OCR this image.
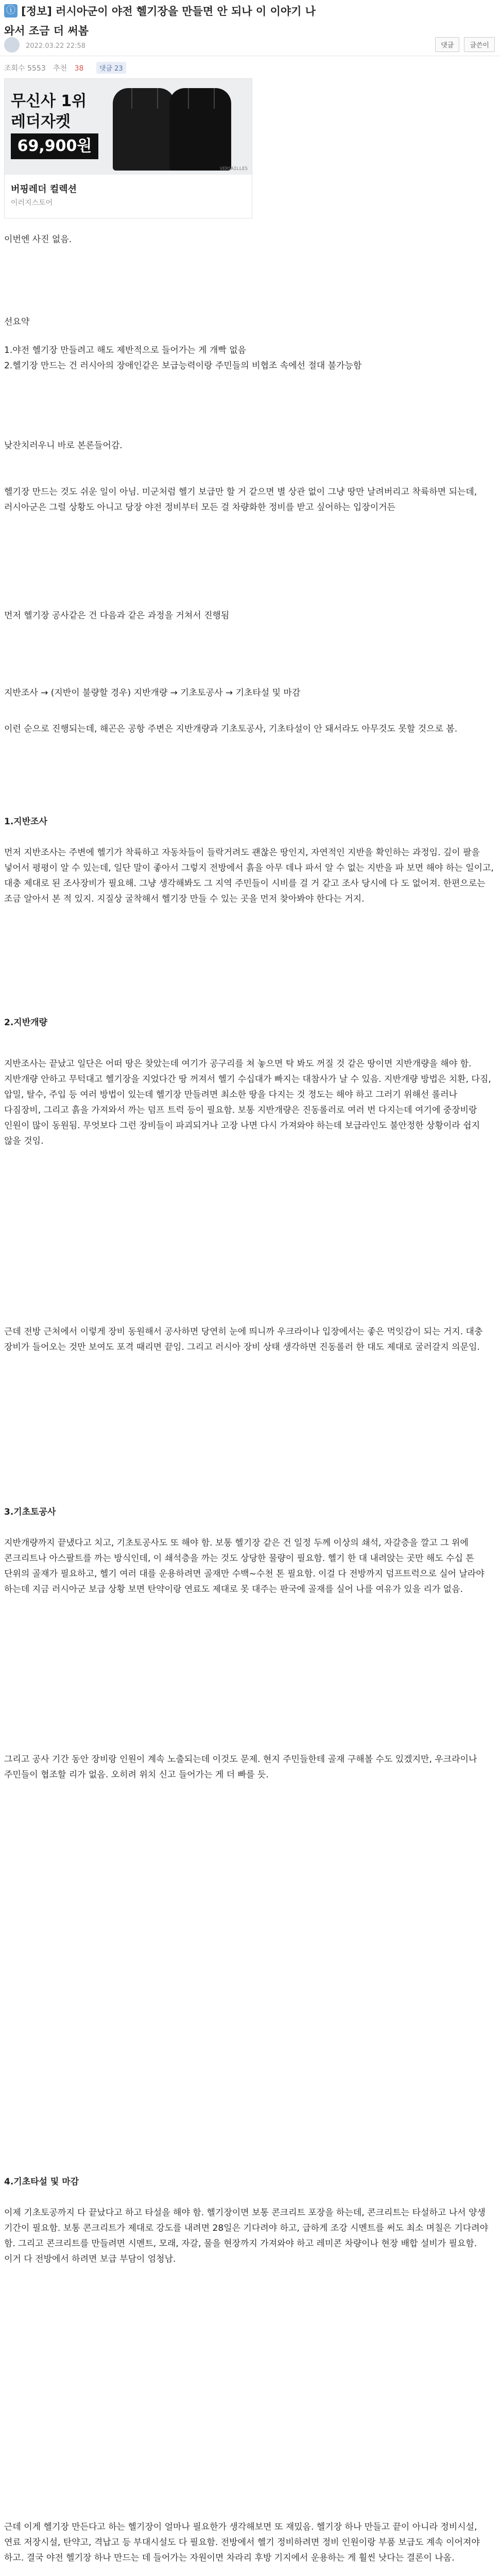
ⓘ [정보] 러시아군이 야전 헬기장을 만들면 안 되나 이 이야기 나
와서 조금 더 써봄
2022.03.22 22:58	댓글 글쓴이
조회수 5553 추천 38 댓글 23
무신사 1위
레더자켓
69,900원
VERSAILLES
버핑레더 컬렉션
이러지스토어

이번엔 사진 없음.

선요약

1.야전 헬기장 만들려고 해도 제반적으로 들어가는 게 개빡 없음

2.헬기장 만드는 건 러시아의 장애인같은 보급능력이랑 주민들의 비협조 속에선 절대 불가능함

낮잔치러우니 바로 본론들어감.

헬기장 만드는 것도 쉬운 일이 아님. 미군처럼 헬기 보급만 할 거 같으면 별 상관 없이 그냥 땅만 날려버리고 착륙하면 되는데, 러시아군은 그럴 상황도 아니고 당장 야전 정비부터 모든 걸 차량화한 정비를 받고 싶어하는 입장이거든

먼저 헬기장 공사같은 건 다음과 같은 과정을 거쳐서 진행됨

지반조사 → (지반이 불량할 경우) 지반개량 → 기초토공사 → 기초타설 및 마감

이런 순으로 진행되는데, 해곤은 공항 주변은 지반개량과 기초토공사, 기초타설이 안 돼서라도 아무것도 못할 것으로 봄.

1.지반조사

먼저 지반조사는 주변에 헬기가 착륙하고 자동차들이 들락거려도 괜찮은 땅인지, 자연적인 지반을 확인하는 과정임. 깊이 팔을 넣어서 평평이 알 수 있는데, 일단 말이 좋아서 그렇지 전방에서 흙을 아무 데나 파서 알 수 없는 지반을 파 보면 해야 하는 일이고, 대충 제대로 된 조사장비가 필요해. 그냥 생각해봐도 그 지역 주민들이 시비를 걸 거 같고 조사 당시에 다 도 없어져. 한편으로는 조금 알아서 본 적 있지. 지질상 굴착해서 헬기장 만들 수 있는 곳을 먼저 찾아봐야 한다는 거지.

2.지반개량

지반조사는 끝났고 일단은 어떠 땅은 찾았는데 여기가 공구리를 쳐 놓으면 탁 봐도 꺼질 것 같은 땅이면 지반개량을 해야 함. 지반개량 안하고 무턱대고 헬기장을 지었다간 땅 꺼져서 헬기 수십대가 빠지는 대참사가 날 수 있음. 지반개량 방법은 치환, 다짐, 압밀, 탈수, 주입 등 여러 방법이 있는데 헬기장 만들려면 최소한 땅을 다지는 것 정도는 해야 하고 그러기 위해선 롤러나 다짐장비, 그리고 흙을 가져와서 까는 덤프 트럭 등이 필요함. 보통 지반개량은 진동롤러로 여러 번 다지는데 여기에 중장비랑 인원이 많이 동원됨. 무엇보다 그런 장비들이 파괴되거나 고장 나면 다시 가져와야 하는데 보급라인도 불안정한 상황이라 쉽지 않을 것임.

근데 전방 근처에서 이렇게 장비 동원해서 공사하면 당연히 눈에 띄니까 우크라이나 입장에서는 좋은 먹잇감이 되는 거지. 대충 장비가 들어오는 것만 보여도 포격 때리면 끝임. 그리고 러시아 장비 상태 생각하면 진동롤러 한 대도 제대로 굴러갈지 의문임.

3.기초토공사

지반개량까지 끝냈다고 치고, 기초토공사도 또 해야 함. 보통 헬기장 같은 건 일정 두께 이상의 쇄석, 자갈층을 깔고 그 위에 콘크리트나 아스팔트를 까는 방식인데, 이 쇄석층을 까는 것도 상당한 물량이 필요함. 헬기 한 대 내려앉는 곳만 해도 수십 톤 단위의 골재가 필요하고, 헬기 여러 대를 운용하려면 골재만 수백~수천 톤 필요함. 이걸 다 전방까지 덤프트럭으로 실어 날라야 하는데 지금 러시아군 보급 상황 보면 탄약이랑 연료도 제대로 못 대주는 판국에 골재를 실어 나를 여유가 있을 리가 없음.

그리고 공사 기간 동안 장비랑 인원이 계속 노출되는데 이것도 문제. 현지 주민들한테 골재 구해볼 수도 있겠지만, 우크라이나 주민들이 협조할 리가 없음. 오히려 위치 신고 들어가는 게 더 빠를 듯.

4.기초타설 및 마감

이제 기초토공까지 다 끝났다고 하고 타설을 해야 함. 헬기장이면 보통 콘크리트 포장을 하는데, 콘크리트는 타설하고 나서 양생 기간이 필요함. 보통 콘크리트가 제대로 강도를 내려면 28일은 기다려야 하고, 급하게 조강 시멘트를 써도 최소 며칠은 기다려야 함. 그리고 콘크리트를 만들려면 시멘트, 모래, 자갈, 물을 현장까지 가져와야 하고 레미콘 차량이나 현장 배합 설비가 필요함. 이거 다 전방에서 하려면 보급 부담이 엄청남.

근데 이게 헬기장 만든다고 하는 헬기장이 얼마나 필요한가 생각해보면 또 재밌음. 헬기장 하나 만들고 끝이 아니라 정비시설, 연료 저장시설, 탄약고, 격납고 등 부대시설도 다 필요함. 전방에서 헬기 정비하려면 정비 인원이랑 부품 보급도 계속 이어져야 하고. 결국 야전 헬기장 하나 만드는 데 들어가는 자원이면 차라리 후방 기지에서 운용하는 게 훨씬 낫다는 결론이 나옴.
